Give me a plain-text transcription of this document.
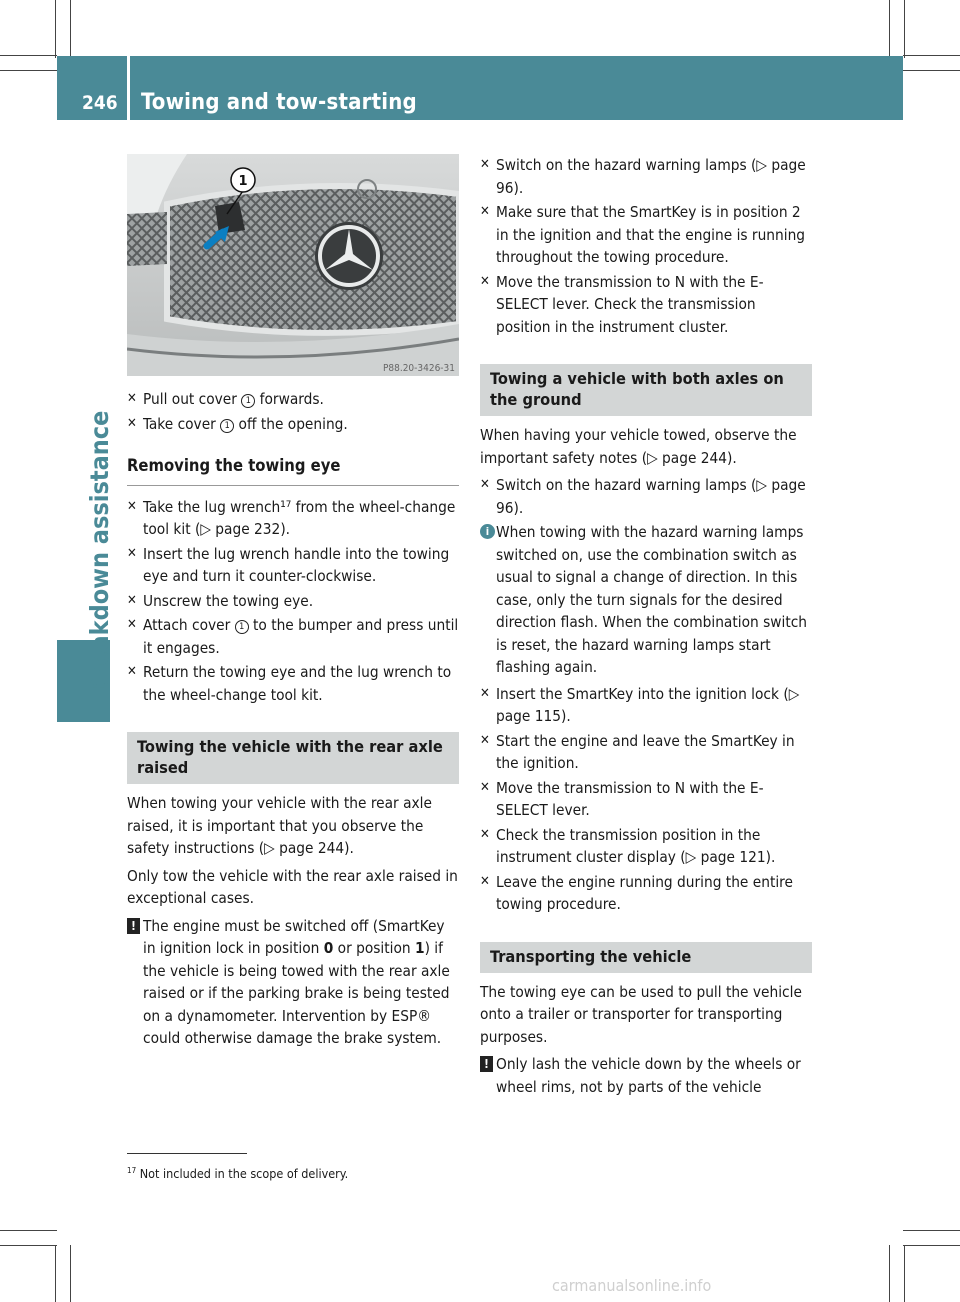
246 Towing and tow-starting
Breakdown assistance
1
P88.20-3426-31
✕ Pull out cover 1 forwards.
✕ Take cover 1 off the opening.
Removing the towing eye
✕ Take the lug wrench¹⁷ from the wheel-change tool kit (▷ page 232).
✕ Insert the lug wrench handle into the towing eye and turn it counter-clockwise.
✕ Unscrew the towing eye.
✕ Attach cover 1 to the bumper and press until it engages.
✕ Return the towing eye and the lug wrench to the wheel-change tool kit.
Towing the vehicle with the rear axle raised
When towing your vehicle with the rear axle raised, it is important that you observe the safety instructions (▷ page 244).
Only tow the vehicle with the rear axle raised in exceptional cases.
! The engine must be switched off (SmartKey in ignition lock in position 0 or position 1) if the vehicle is being towed with the rear axle raised or if the parking brake is being tested on a dynamometer. Intervention by ESP® could otherwise damage the brake system.
✕ Switch on the hazard warning lamps (▷ page 96).
✕ Make sure that the SmartKey is in position 2 in the ignition and that the engine is running throughout the towing procedure.
✕ Move the transmission to N with the E-SELECT lever. Check the transmission position in the instrument cluster.
Towing a vehicle with both axles on the ground
When having your vehicle towed, observe the important safety notes (▷ page 244).
✕ Switch on the hazard warning lamps (▷ page 96).
i When towing with the hazard warning lamps switched on, use the combination switch as usual to signal a change of direction. In this case, only the turn signals for the desired direction flash. When the combination switch is reset, the hazard warning lamps start flashing again.
✕ Insert the SmartKey into the ignition lock (▷ page 115).
✕ Start the engine and leave the SmartKey in the ignition.
✕ Move the transmission to N with the E-SELECT lever.
✕ Check the transmission position in the instrument cluster display (▷ page 121).
✕ Leave the engine running during the entire towing procedure.
Transporting the vehicle
The towing eye can be used to pull the vehicle onto a trailer or transporter for transporting purposes.
! Only lash the vehicle down by the wheels or wheel rims, not by parts of the vehicle
$^{17}$ Not included in the scope of delivery.
carmanualsonline.info
